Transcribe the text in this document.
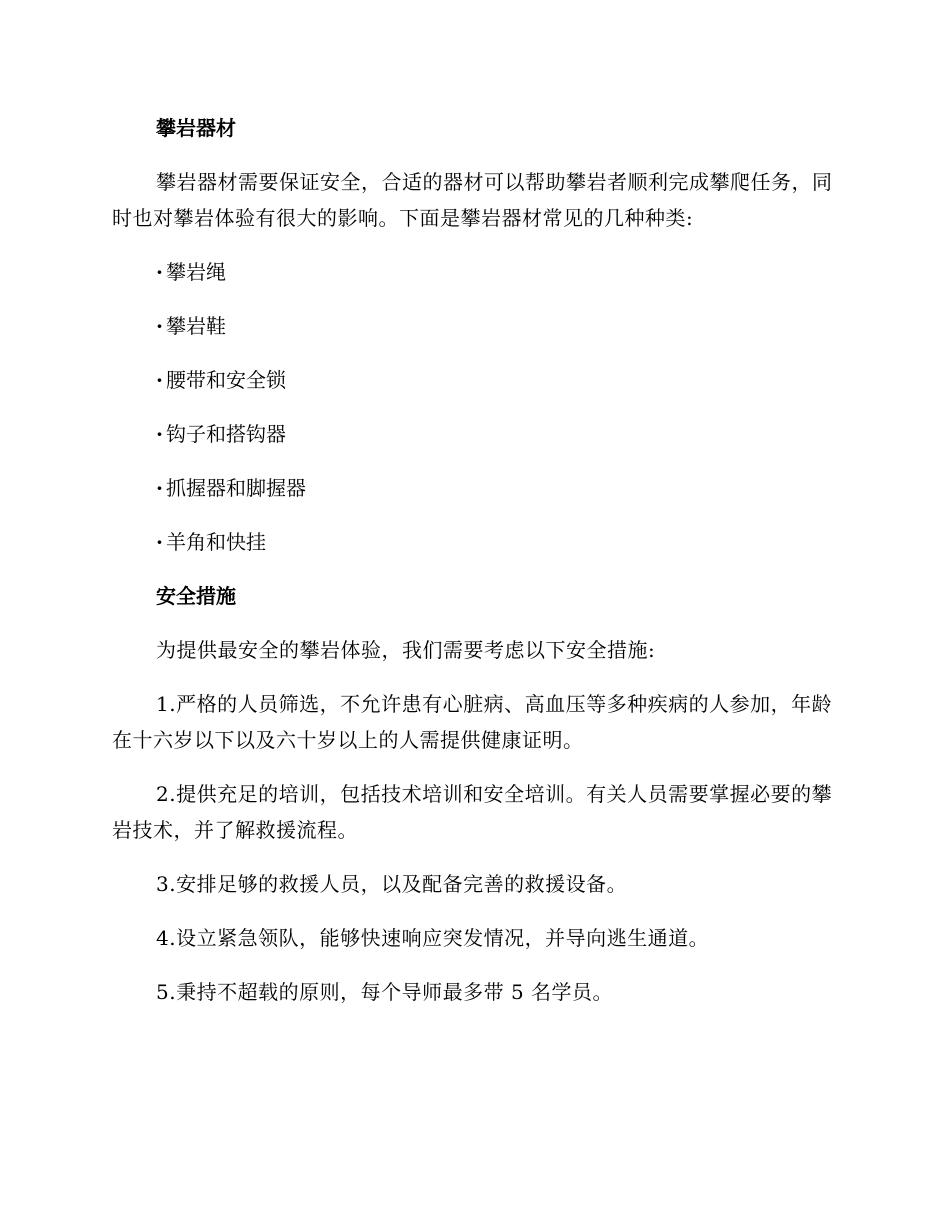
攀岩器材

攀岩器材需要保证安全，合适的器材可以帮助攀岩者顺利完成攀爬任务，同时也对攀岩体验有很大的影响。下面是攀岩器材常见的几种种类:

· 攀岩绳
· 攀岩鞋
· 腰带和安全锁
· 钩子和搭钩器
· 抓握器和脚握器
· 羊角和快挂
安全措施

为提供最安全的攀岩体验，我们需要考虑以下安全措施:

1.严格的人员筛选，不允许患有心脏病、高血压等多种疾病的人参加，年龄在十六岁以下以及六十岁以上的人需提供健康证明。

2.提供充足的培训，包括技术培训和安全培训。有关人员需要掌握必要的攀岩技术，并了解救援流程。

3.安排足够的救援人员，以及配备完善的救援设备。

4.设立紧急领队，能够快速响应突发情况，并导向逃生通道。

5.秉持不超载的原则，每个导师最多带 5 名学员。
